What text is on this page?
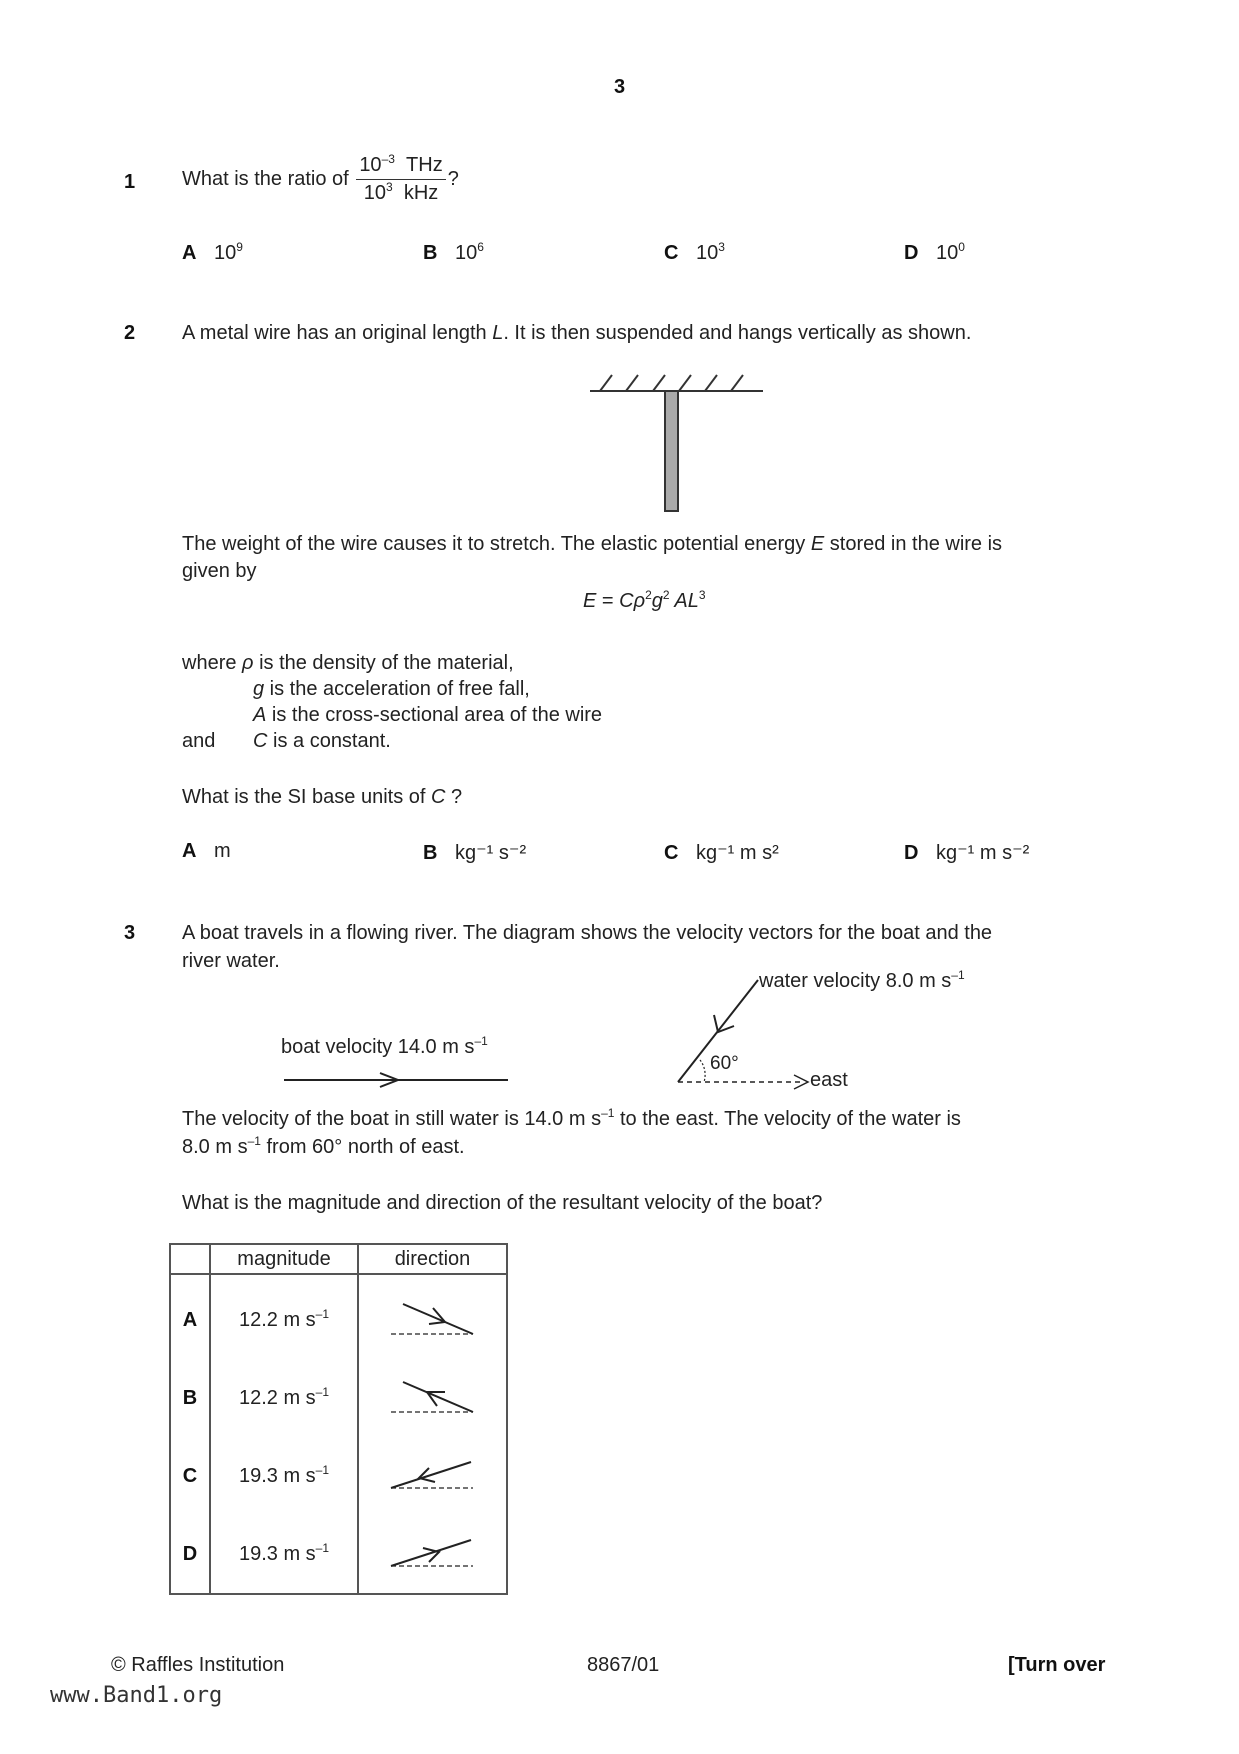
3
1 What is the ratio of $\frac{10^{-3} THz}{10^3 kHz}$ ?
A $10^9$	B $10^6$	C $10^3$	D $10^0$
2 A metal wire has an original length L. It is then suspended and hangs vertically as shown.
The weight of the wire causes it to stretch. The elastic potential energy E stored in the wire is
given by
$E = C\rho^2g^2$ $AL^3$
where ρ is the density of the material,
g is the acceleration of free fall,
A is the cross-sectional area of the wire
and C is a constant.
What is the SI base units of C ?
A m	B kg⁻¹ s⁻²	C kg⁻¹ m s²	D kg⁻¹ m s⁻²
3 A boat travels in a flowing river. The diagram shows the velocity vectors for the boat and the
river water.
boat velocity 14.0 m $s^{-1}$
water velocity 8.0 m $s^{-1}$
60°
east
The velocity of the boat in still water is 14.0 m $s^{-1}$ to the east. The velocity of the water is
8.0 m $s^{-1}$ from 60° north of east.
What is the magnitude and direction of the resultant velocity of the boat?
	magnitude	direction
A	12.2 m $s^{-1}$	
B	12.2 m $s^{-1}$	
C	19.3 m $s^{-1}$	
D	19.3 m $s^{-1}$	
© Raffles Institution	8867/01	[Turn over
www.Band1.org
